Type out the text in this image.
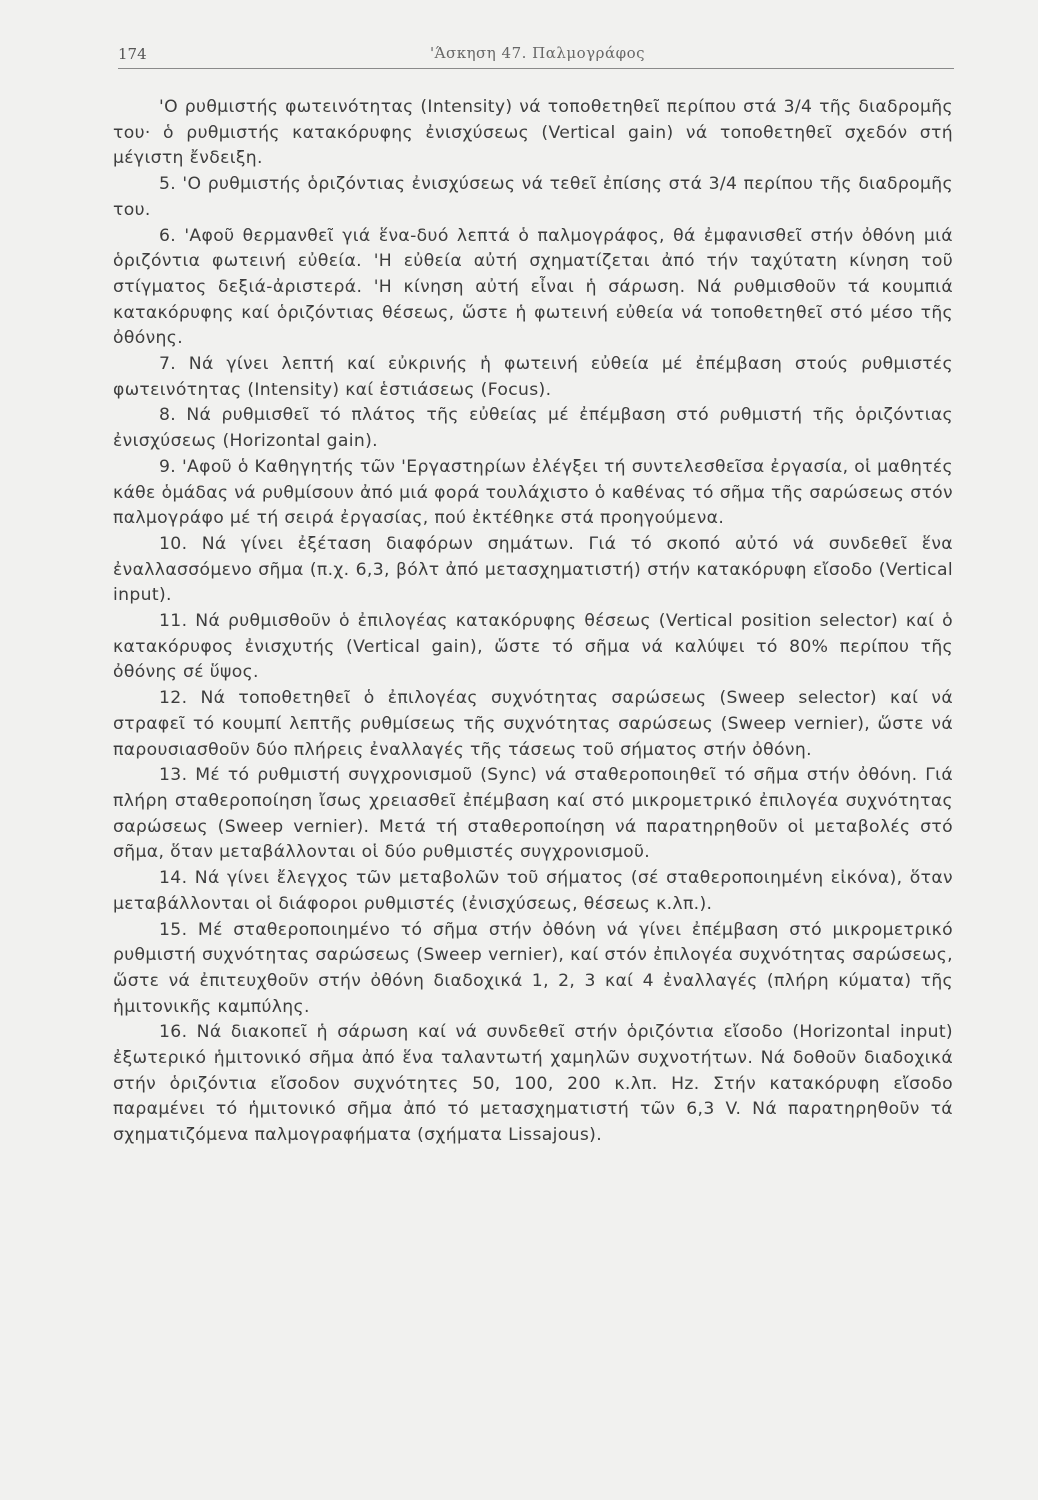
174	'Άσκηση 47. Παλμογράφος

'Ο ρυθμιστής φωτεινότητας (Intensity) νά τοποθετηθεῖ περίπου στά 3/4 τῆς διαδρομῆς του· ὁ ρυθμιστής κατακόρυφης ἐνισχύσεως (Vertical gain) νά τοποθετηθεῖ σχεδόν στή μέγιστη ἔνδειξη.

5. 'Ο ρυθμιστής ὁριζόντιας ἐνισχύσεως νά τεθεῖ ἐπίσης στά 3/4 περίπου τῆς διαδρομῆς του.

6. 'Αφοῦ θερμανθεῖ γιά ἕνα-δυό λεπτά ὁ παλμογράφος, θά ἐμφανισθεῖ στήν ὀθόνη μιά ὁριζόντια φωτεινή εὐθεία. 'Η εὐθεία αὐτή σχηματίζεται ἀπό τήν ταχύτατη κίνηση τοῦ στίγματος δεξιά-ἀριστερά. 'Η κίνηση αὐτή εἶναι ἡ σάρωση. Νά ρυθμισθοῦν τά κουμπιά κατακόρυφης καί ὁριζόντιας θέσεως, ὥστε ἡ φωτεινή εὐθεία νά τοποθετηθεῖ στό μέσο τῆς ὀθόνης.

7. Νά γίνει λεπτή καί εὐκρινής ἡ φωτεινή εὐθεία μέ ἐπέμβαση στούς ρυθμιστές φωτεινότητας (Intensity) καί ἑστιάσεως (Focus).

8. Νά ρυθμισθεῖ τό πλάτος τῆς εὐθείας μέ ἐπέμβαση στό ρυθμιστή τῆς ὁριζόντιας ἐνισχύσεως (Horizontal gain).

9. 'Αφοῦ ὁ Καθηγητής τῶν 'Εργαστηρίων ἐλέγξει τή συντελεσθεῖσα ἐργασία, οἱ μαθητές κάθε ὁμάδας νά ρυθμίσουν ἀπό μιά φορά τουλάχιστο ὁ καθένας τό σῆμα τῆς σαρώσεως στόν παλμογράφο μέ τή σειρά ἐργασίας, πού ἐκτέθηκε στά προηγούμενα.

10. Νά γίνει ἐξέταση διαφόρων σημάτων. Γιά τό σκοπό αὐτό νά συνδεθεῖ ἕνα ἐναλλασσόμενο σῆμα (π.χ. 6,3, βόλτ ἀπό μετασχηματιστή) στήν κατακόρυφη εἴσοδο (Vertical input).

11. Νά ρυθμισθοῦν ὁ ἐπιλογέας κατακόρυφης θέσεως (Vertical position selector) καί ὁ κατακόρυφος ἐνισχυτής (Vertical gain), ὥστε τό σῆμα νά καλύψει τό 80% περίπου τῆς ὀθόνης σέ ὕψος.

12. Νά τοποθετηθεῖ ὁ ἐπιλογέας συχνότητας σαρώσεως (Sweep selector) καί νά στραφεῖ τό κουμπί λεπτῆς ρυθμίσεως τῆς συχνότητας σαρώσεως (Sweep vernier), ὥστε νά παρουσιασθοῦν δύο πλήρεις ἐναλλαγές τῆς τάσεως τοῦ σήματος στήν ὀθόνη.

13. Μέ τό ρυθμιστή συγχρονισμοῦ (Sync) νά σταθεροποιηθεῖ τό σῆμα στήν ὀθόνη. Γιά πλήρη σταθεροποίηση ἴσως χρειασθεῖ ἐπέμβαση καί στό μικρομετρικό ἐπιλογέα συχνότητας σαρώσεως (Sweep vernier). Μετά τή σταθεροποίηση νά παρατηρηθοῦν οἱ μεταβολές στό σῆμα, ὅταν μεταβάλλονται οἱ δύο ρυθμιστές συγχρονισμοῦ.

14. Νά γίνει ἔλεγχος τῶν μεταβολῶν τοῦ σήματος (σέ σταθεροποιημένη εἰκόνα), ὅταν μεταβάλλονται οἱ διάφοροι ρυθμιστές (ἐνισχύσεως, θέσεως κ.λπ.).

15. Μέ σταθεροποιημένο τό σῆμα στήν ὀθόνη νά γίνει ἐπέμβαση στό μικρομετρικό ρυθμιστή συχνότητας σαρώσεως (Sweep vernier), καί στόν ἐπιλογέα συχνότητας σαρώσεως, ὥστε νά ἐπιτευχθοῦν στήν ὀθόνη διαδοχικά 1, 2, 3 καί 4 ἐναλλαγές (πλήρη κύματα) τῆς ἡμιτονικῆς καμπύλης.

16. Νά διακοπεῖ ἡ σάρωση καί νά συνδεθεῖ στήν ὁριζόντια εἴσοδο (Horizontal input) ἐξωτερικό ἡμιτονικό σῆμα ἀπό ἕνα ταλαντωτή χαμηλῶν συχνοτήτων. Νά δοθοῦν διαδοχικά στήν ὁριζόντια εἴσοδον συχνότητες 50, 100, 200 κ.λπ. Hz. Στήν κατακόρυφη εἴσοδο παραμένει τό ἡμιτονικό σῆμα ἀπό τό μετασχηματιστή τῶν 6,3 V. Νά παρατηρηθοῦν τά σχηματιζόμενα παλμογραφήματα (σχήματα Lissajous).
